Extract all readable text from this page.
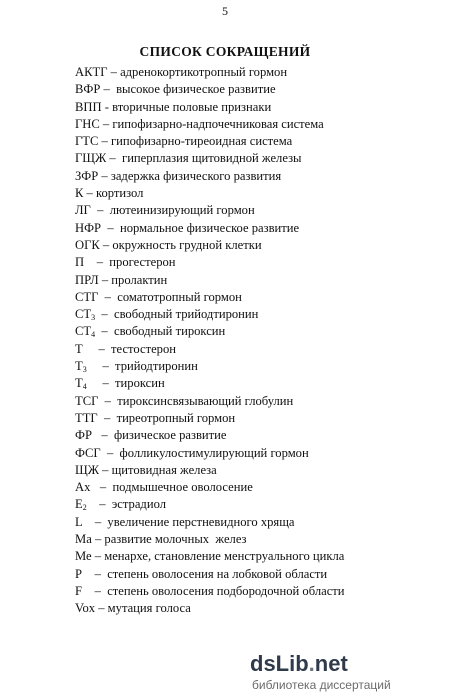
5
СПИСОК СОКРАЩЕНИЙ
АКТГ – адренокортикотропный гормон
ВФР –  высокое физическое развитие
ВПП - вторичные половые признаки
ГНС – гипофизарно-надпочечниковая система
ГТС – гипофизарно-тиреоидная система
ГЩЖ –  гиперплазия щитовидной железы
ЗФР – задержка физического развития
К – кортизол
ЛГ  –  лютеинизирующий гормон
НФР  –  нормальное физическое развитие
ОГК – окружность грудной клетки
П    –  прогестерон
ПРЛ – пролактин
СТГ  –  соматотропный гормон
$СТ_3$  –  свободный трийодтиронин
$СТ_4$  –  свободный тироксин
Т     –  тестостерон
$Т_3$     –  трийодтиронин
$Т_4$     –  тироксин
ТСГ  –  тироксинсвязывающий глобулин
ТТГ  –  тиреотропный гормон
ФР   –  физическое развитие
ФСГ  –  фолликулостимулирующий гормон
ЩЖ – щитовидная железа
Ах   –  подмышечное оволосение
$Е_2$    –  эстрадиол
L    –  увеличение перстневидного хряща
Ма – развитие молочных  желез
Ме – менархе, становление менструального цикла
Р    –  степень оволосения на лобковой области
F    –  степень оволосения подбородочной области
Vox – мутация голоса
dsLib.net
библиотека диссертаций
